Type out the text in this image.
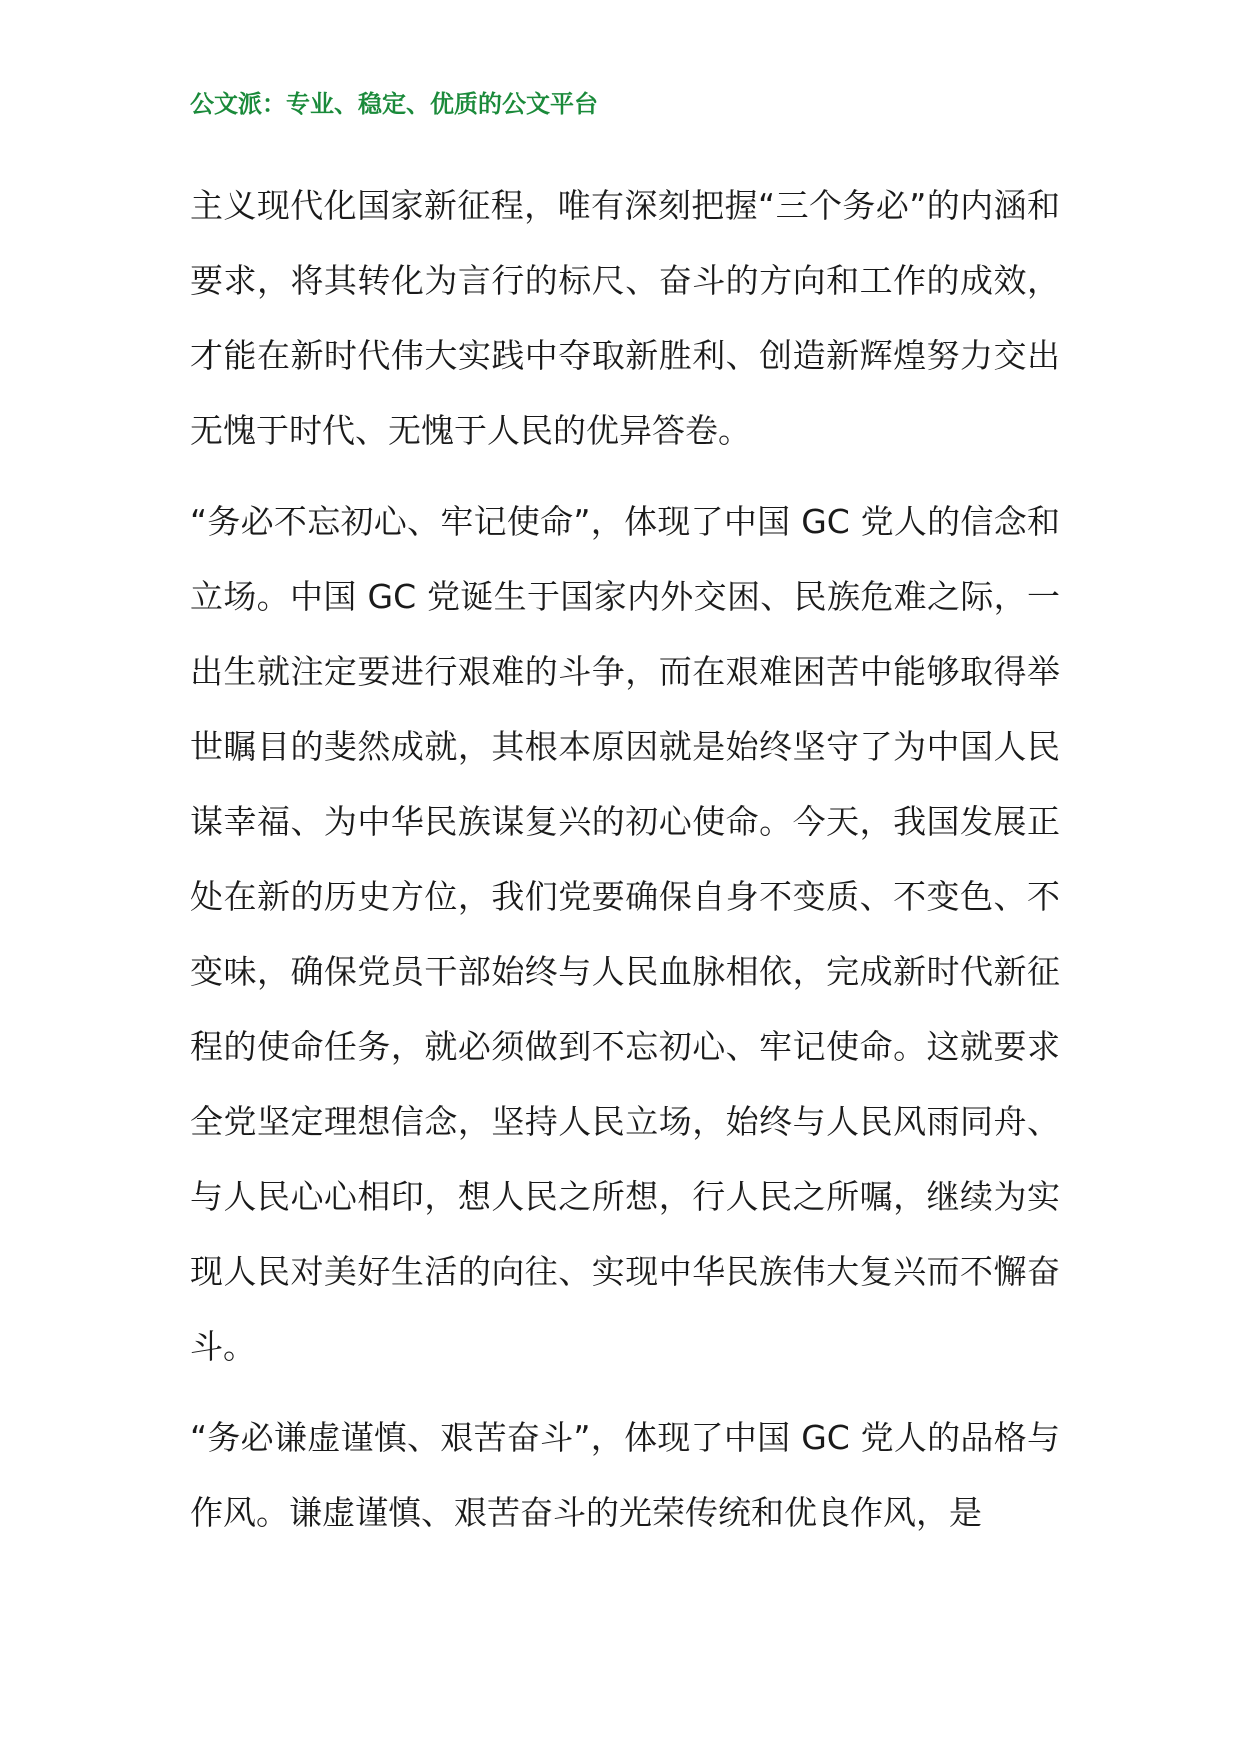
公文派：专业、稳定、优质的公文平台

主义现代化国家新征程，唯有深刻把握“三个务必”的内涵和要求，将其转化为言行的标尺、奋斗的方向和工作的成效，才能在新时代伟大实践中夺取新胜利、创造新辉煌努力交出无愧于时代、无愧于人民的优异答卷。

“务必不忘初心、牢记使命”，体现了中国 GC 党人的信念和立场。中国 GC 党诞生于国家内外交困、民族危难之际，一出生就注定要进行艰难的斗争，而在艰难困苦中能够取得举世瞩目的斐然成就，其根本原因就是始终坚守了为中国人民谋幸福、为中华民族谋复兴的初心使命。今天，我国发展正处在新的历史方位，我们党要确保自身不变质、不变色、不变味，确保党员干部始终与人民血脉相依，完成新时代新征程的使命任务，就必须做到不忘初心、牢记使命。这就要求全党坚定理想信念，坚持人民立场，始终与人民风雨同舟、与人民心心相印，想人民之所想，行人民之所嘱，继续为实现人民对美好生活的向往、实现中华民族伟大复兴而不懈奋斗。

“务必谦虚谨慎、艰苦奋斗”，体现了中国 GC 党人的品格与作风。谦虚谨慎、艰苦奋斗的光荣传统和优良作风，是
